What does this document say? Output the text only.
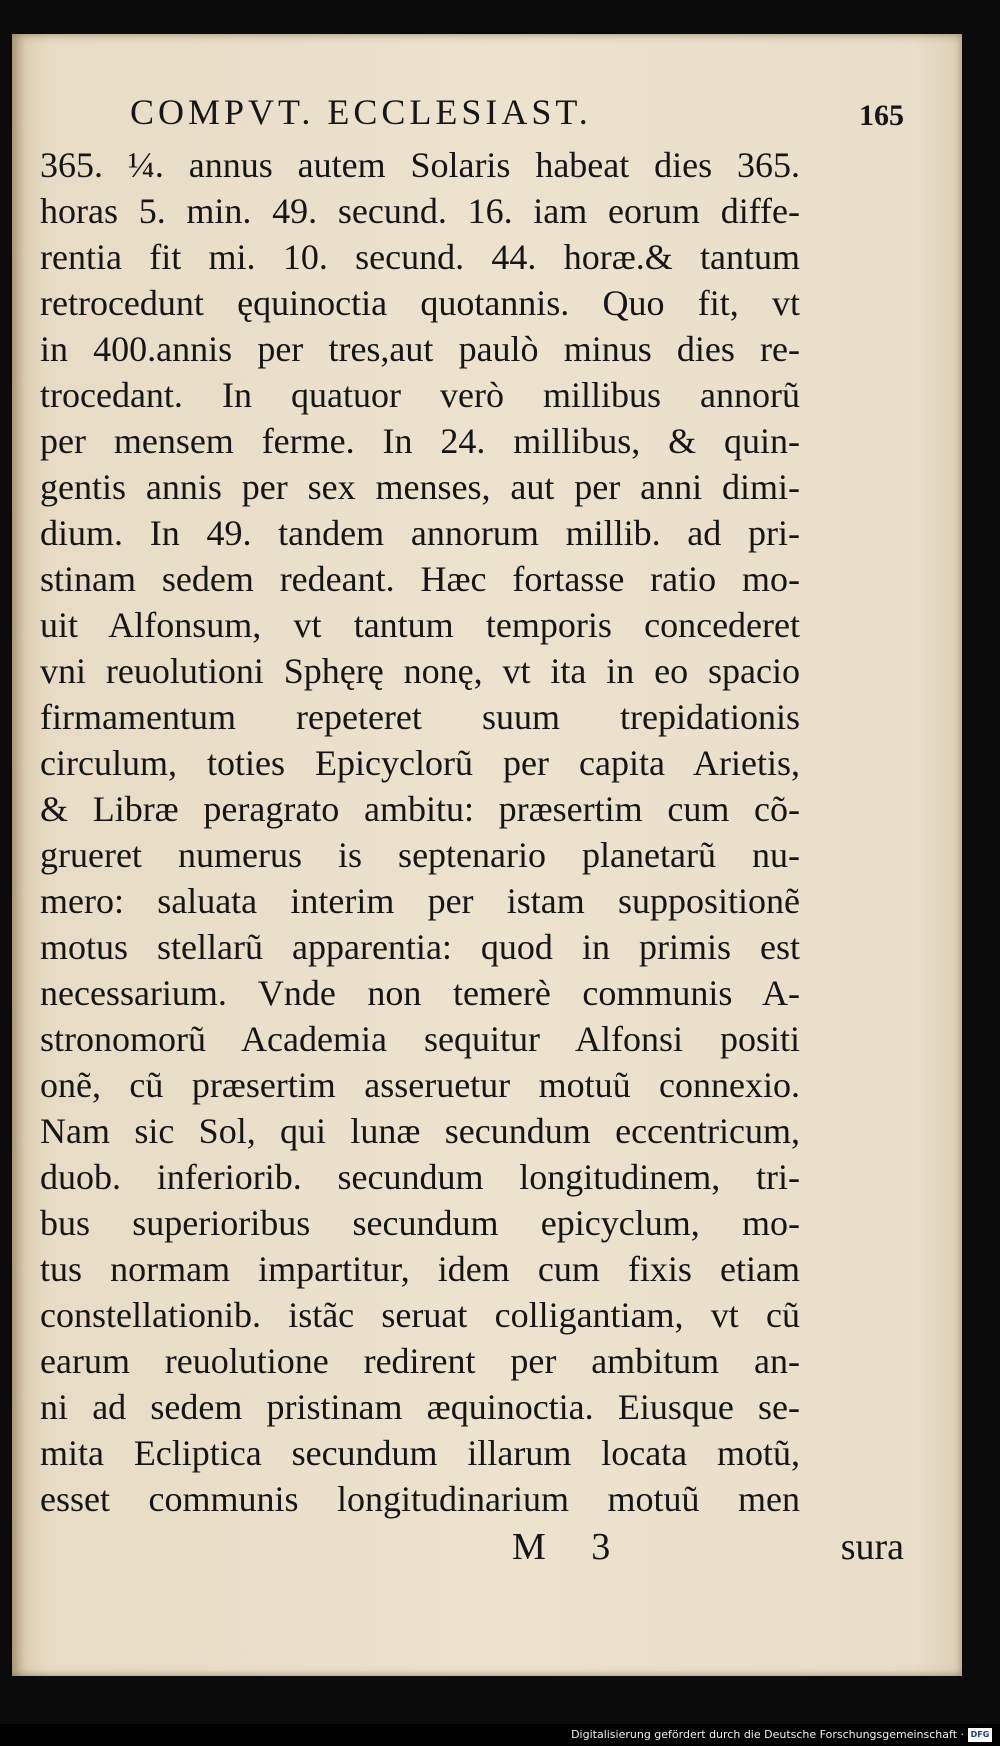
COMPVT. ECCLESIAST.	165
365. ¼. annus autem Solaris habeat dies 365.
horas 5. min. 49. secund. 16. iam eorum diffe-
rentia fit mi. 10. secund. 44. horæ.& tantum
retrocedunt ęquinoctia quotannis. Quo fit, vt
in 400.annis per tres,aut paulò minus dies re-
trocedant. In quatuor verò millibus annorũ
per mensem ferme. In 24. millibus, & quin-
gentis annis per sex menses, aut per anni dimi-
dium. In 49. tandem annorum millib. ad pri-
stinam sedem redeant. Hæc fortasse ratio mo-
uit Alfonsum, vt tantum temporis concederet
vni reuolutioni Sphęrę nonę, vt ita in eo spacio
firmamentum repeteret suum trepidationis
circulum, toties Epicyclorũ per capita Arietis,
& Libræ peragrato ambitu: præsertim cum cõ-
grueret numerus is septenario planetarũ nu-
mero: saluata interim per istam suppositionẽ
motus stellarũ apparentia: quod in primis est
necessarium. Vnde non temerè communis A-
stronomorũ Academia sequitur Alfonsi positi
onẽ, cũ præsertim asseruetur motuũ connexio.
Nam sic Sol, qui lunæ secundum eccentricum,
duob. inferiorib. secundum longitudinem, tri-
bus superioribus secundum epicyclum, mo-
tus normam impartitur, idem cum fixis etiam
constellationib. istãc seruat colligantiam, vt cũ
earum reuolutione redirent per ambitum an-
ni ad sedem pristinam æquinoctia. Eiusque se-
mita Ecliptica secundum illarum locata motũ,
esset communis longitudinarium motuũ men
M 3	sura
Digitalisierung gefördert durch die Deutsche Forschungsgemeinschaft · DFG
